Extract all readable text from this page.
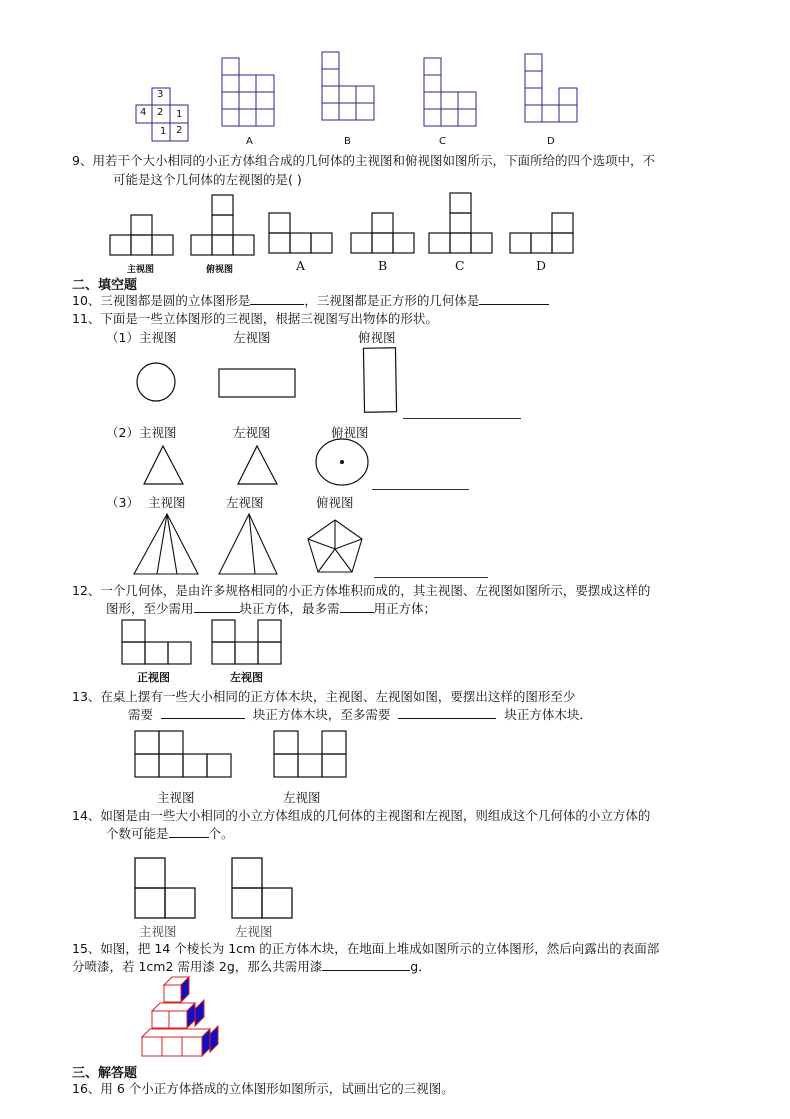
3
4 2 1
1 2
A	B	C	D
9、用若干个大小相同的小正方体组合成的几何体的主视图和俯视图如图所示，下面所给的四个选项中，不
可能是这个几何体的左视图的是( )
主视图	俯视图	A	B	C	D
二、填空题
10、三视图都是圆的立体图形是	，三视图都是正方形的几何体是
11、下面是一些立体图形的三视图，根据三视图写出物体的形状。
（1）主视图	左视图	俯视图
（2）主视图	左视图	俯视图
（3） 主视图	左视图	俯视图
12、一个几何体，是由许多规格相同的小正方体堆积而成的，其主视图、左视图如图所示，要摆成这样的
图形，至少需用	块正方体，最多需	用正方体；
正视图	左视图
13、在桌上摆有一些大小相同的正方体木块，主视图、左视图如图，要摆出这样的图形至少
需要	块正方体木块，至多需要	块正方体木块．
主视图	左视图
14、如图是由一些大小相同的小立方体组成的几何体的主视图和左视图，则组成这个几何体的小立方体的
个数可能是	个。
主视图	左视图
15、如图，把 14 个棱长为 1cm 的正方体木块，在地面上堆成如图所示的立体图形，然后向露出的表面部
分喷漆，若 1cm2 需用漆 2g，那么共需用漆	g．
三、解答题
16、用 6 个小正方体搭成的立体图形如图所示，试画出它的三视图。
